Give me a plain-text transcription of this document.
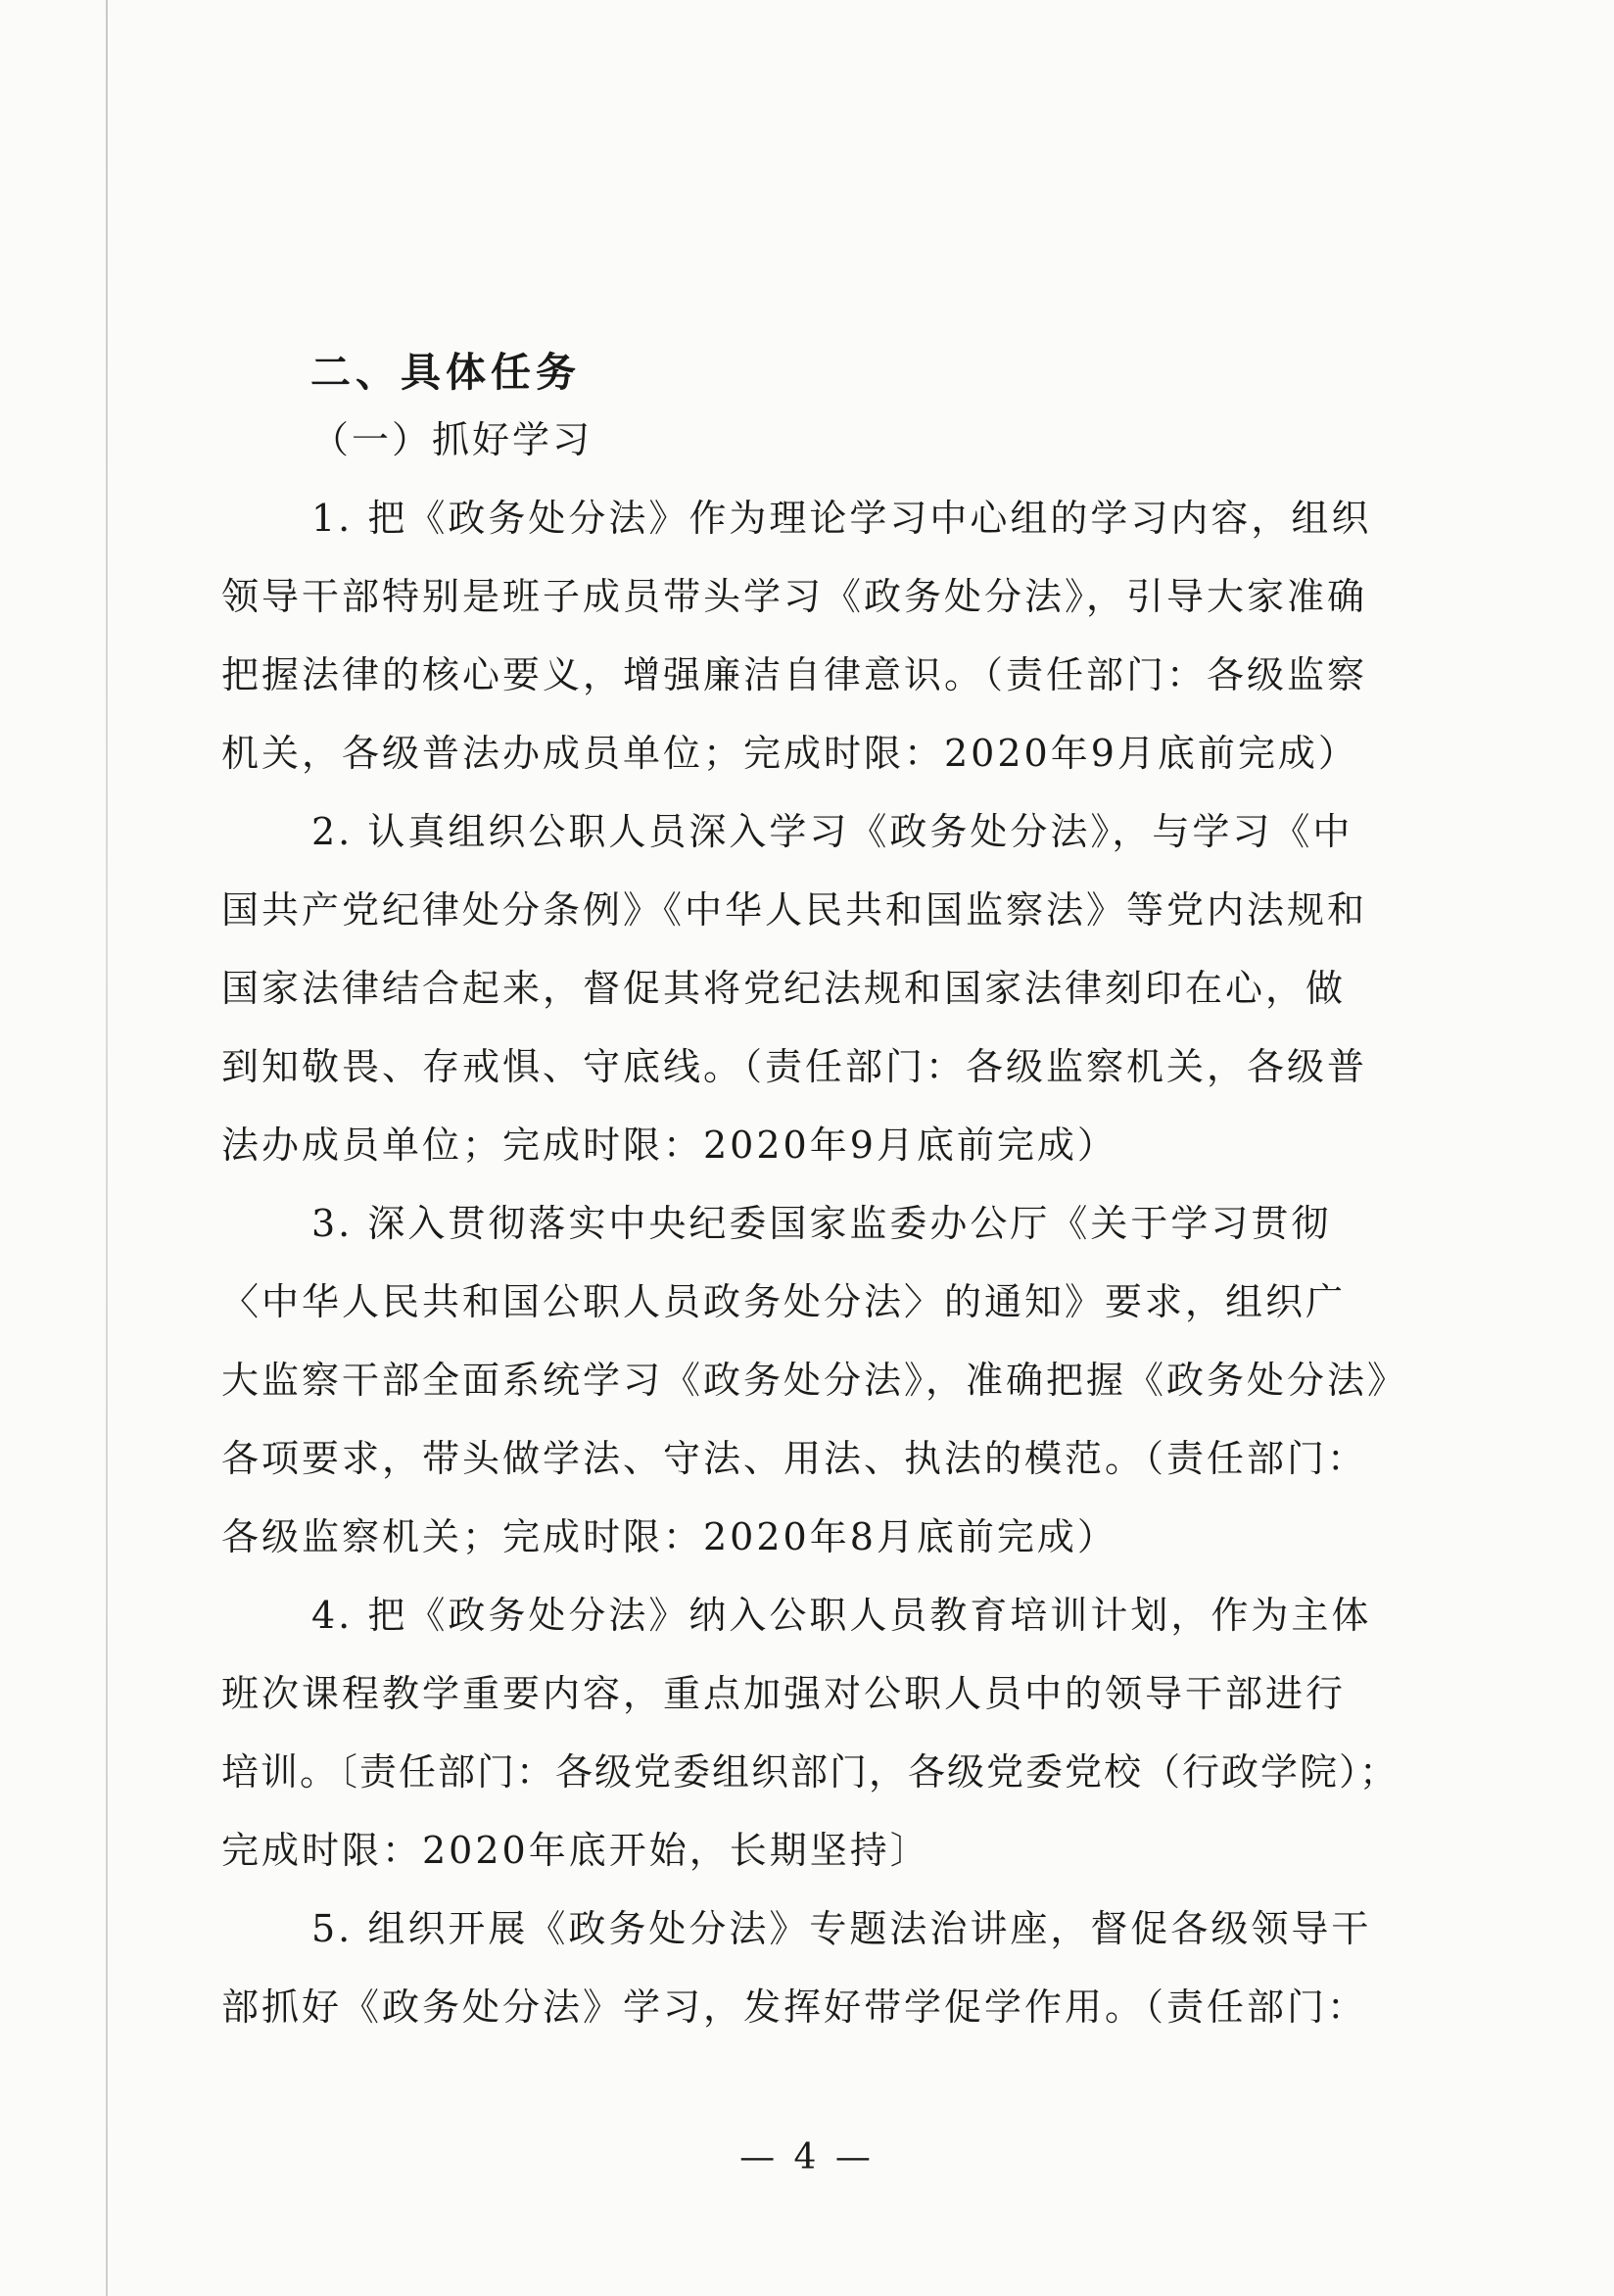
二、具体任务
（一）抓好学习
1. 把《政务处分法》作为理论学习中心组的学习内容，组织
领导干部特别是班子成员带头学习《政务处分法》，引导大家准确
把握法律的核心要义，增强廉洁自律意识。（责任部门：各级监察
机关，各级普法办成员单位；完成时限：2020年9月底前完成）
2. 认真组织公职人员深入学习《政务处分法》，与学习《中
国共产党纪律处分条例》《中华人民共和国监察法》等党内法规和
国家法律结合起来，督促其将党纪法规和国家法律刻印在心，做
到知敬畏、存戒惧、守底线。（责任部门：各级监察机关，各级普
法办成员单位；完成时限：2020年9月底前完成）
3. 深入贯彻落实中央纪委国家监委办公厅《关于学习贯彻
〈中华人民共和国公职人员政务处分法〉的通知》要求，组织广
大监察干部全面系统学习《政务处分法》，准确把握《政务处分法》
各项要求，带头做学法、守法、用法、执法的模范。（责任部门：
各级监察机关；完成时限：2020年8月底前完成）
4. 把《政务处分法》纳入公职人员教育培训计划，作为主体
班次课程教学重要内容，重点加强对公职人员中的领导干部进行
培训。〔责任部门：各级党委组织部门，各级党委党校（行政学院）；
完成时限：2020年底开始，长期坚持〕
5. 组织开展《政务处分法》专题法治讲座，督促各级领导干
部抓好《政务处分法》学习，发挥好带学促学作用。（责任部门：
— 4 —
